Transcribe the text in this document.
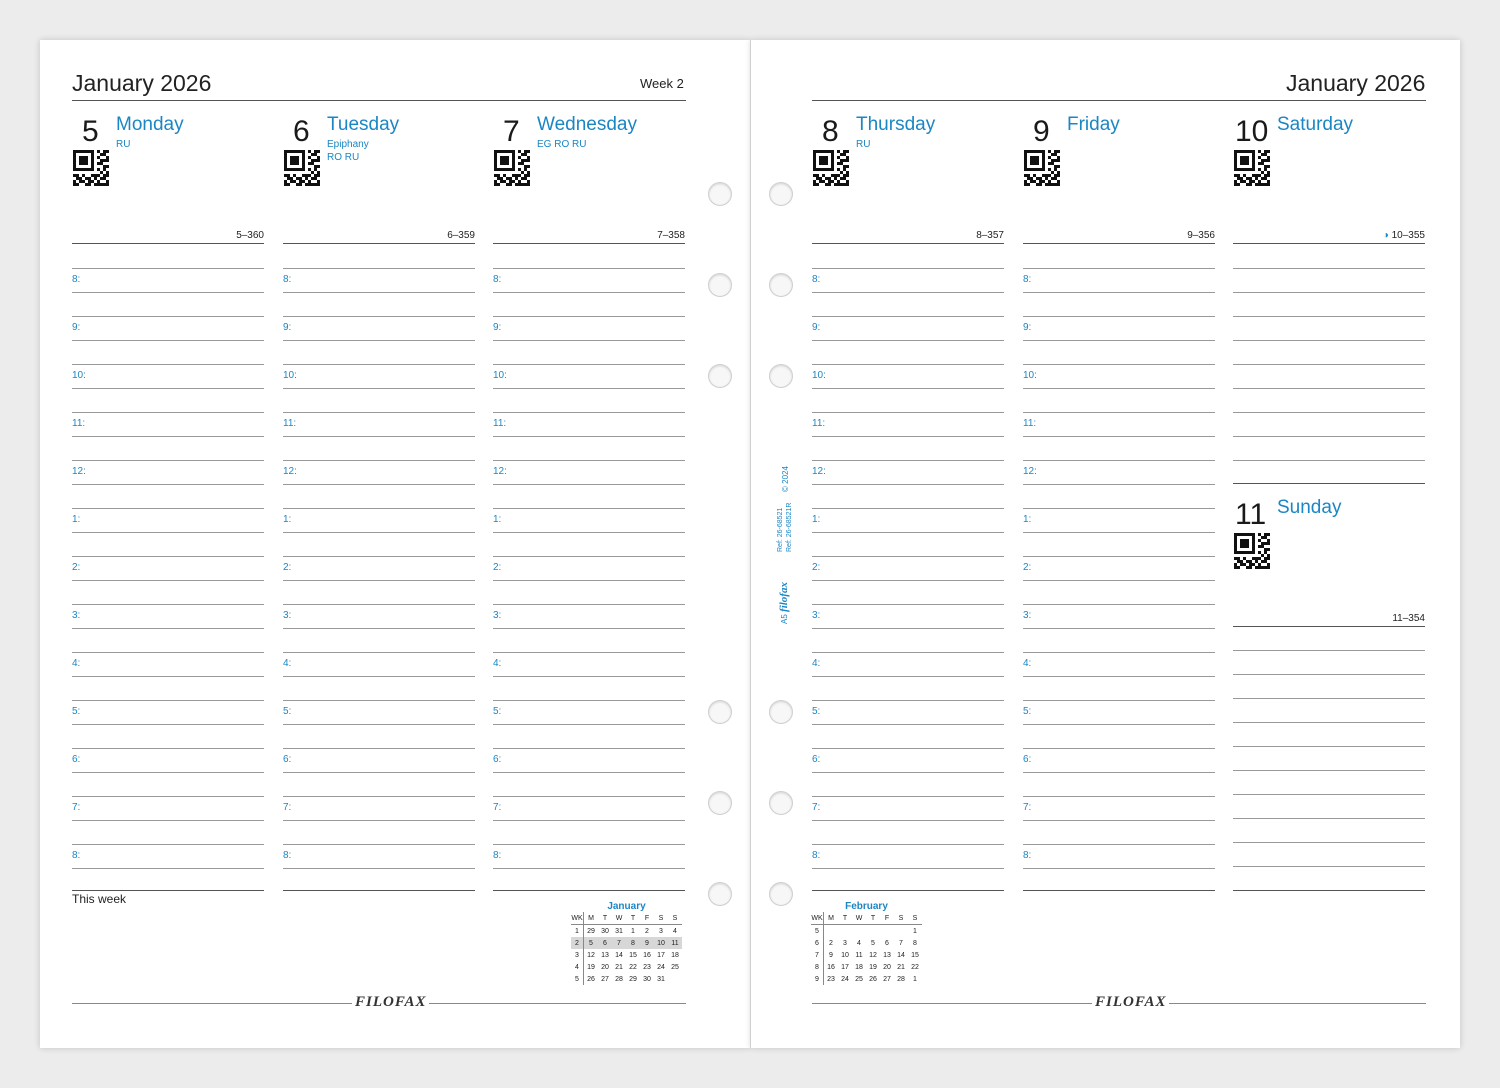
January 2026	Week 2	January 2026
5 Monday
RU
5–360
8:
9:
10:
11:
12:
1:
2:
3:
4:
5:
6:
7:
8:
6 Tuesday
Epiphany
RO RU
6–359
8:
9:
10:
11:
12:
1:
2:
3:
4:
5:
6:
7:
8:
7 Wednesday
EG RO RU
7–358
8:
9:
10:
11:
12:
1:
2:
3:
4:
5:
6:
7:
8:
8 Thursday
RU
8–357
8:
9:
10:
11:
12:
1:
2:
3:
4:
5:
6:
7:
8:
9 Friday
9–356
8:
9:
10:
11:
12:
1:
2:
3:
4:
5:
6:
7:
8:
10 Saturday
◑ 10–355
11 Sunday
11–354
This week
January
WK	M	T	W	T	F	S	S
1	29	30	31	1	2	3	4
2	5	6	7	8	9	10	11
3	12	13	14	15	16	17	18
4	19	20	21	22	23	24	25
5	26	27	28	29	30	31	
February
WK	M	T	W	T	F	S	S
5							1
6	2	3	4	5	6	7	8
7	9	10	11	12	13	14	15
8	16	17	18	19	20	21	22
9	23	24	25	26	27	28	1
FILOFAX	FILOFAX
A5 filofax
Ref: 26-68521 Ref: 26-68521R
© 2024
